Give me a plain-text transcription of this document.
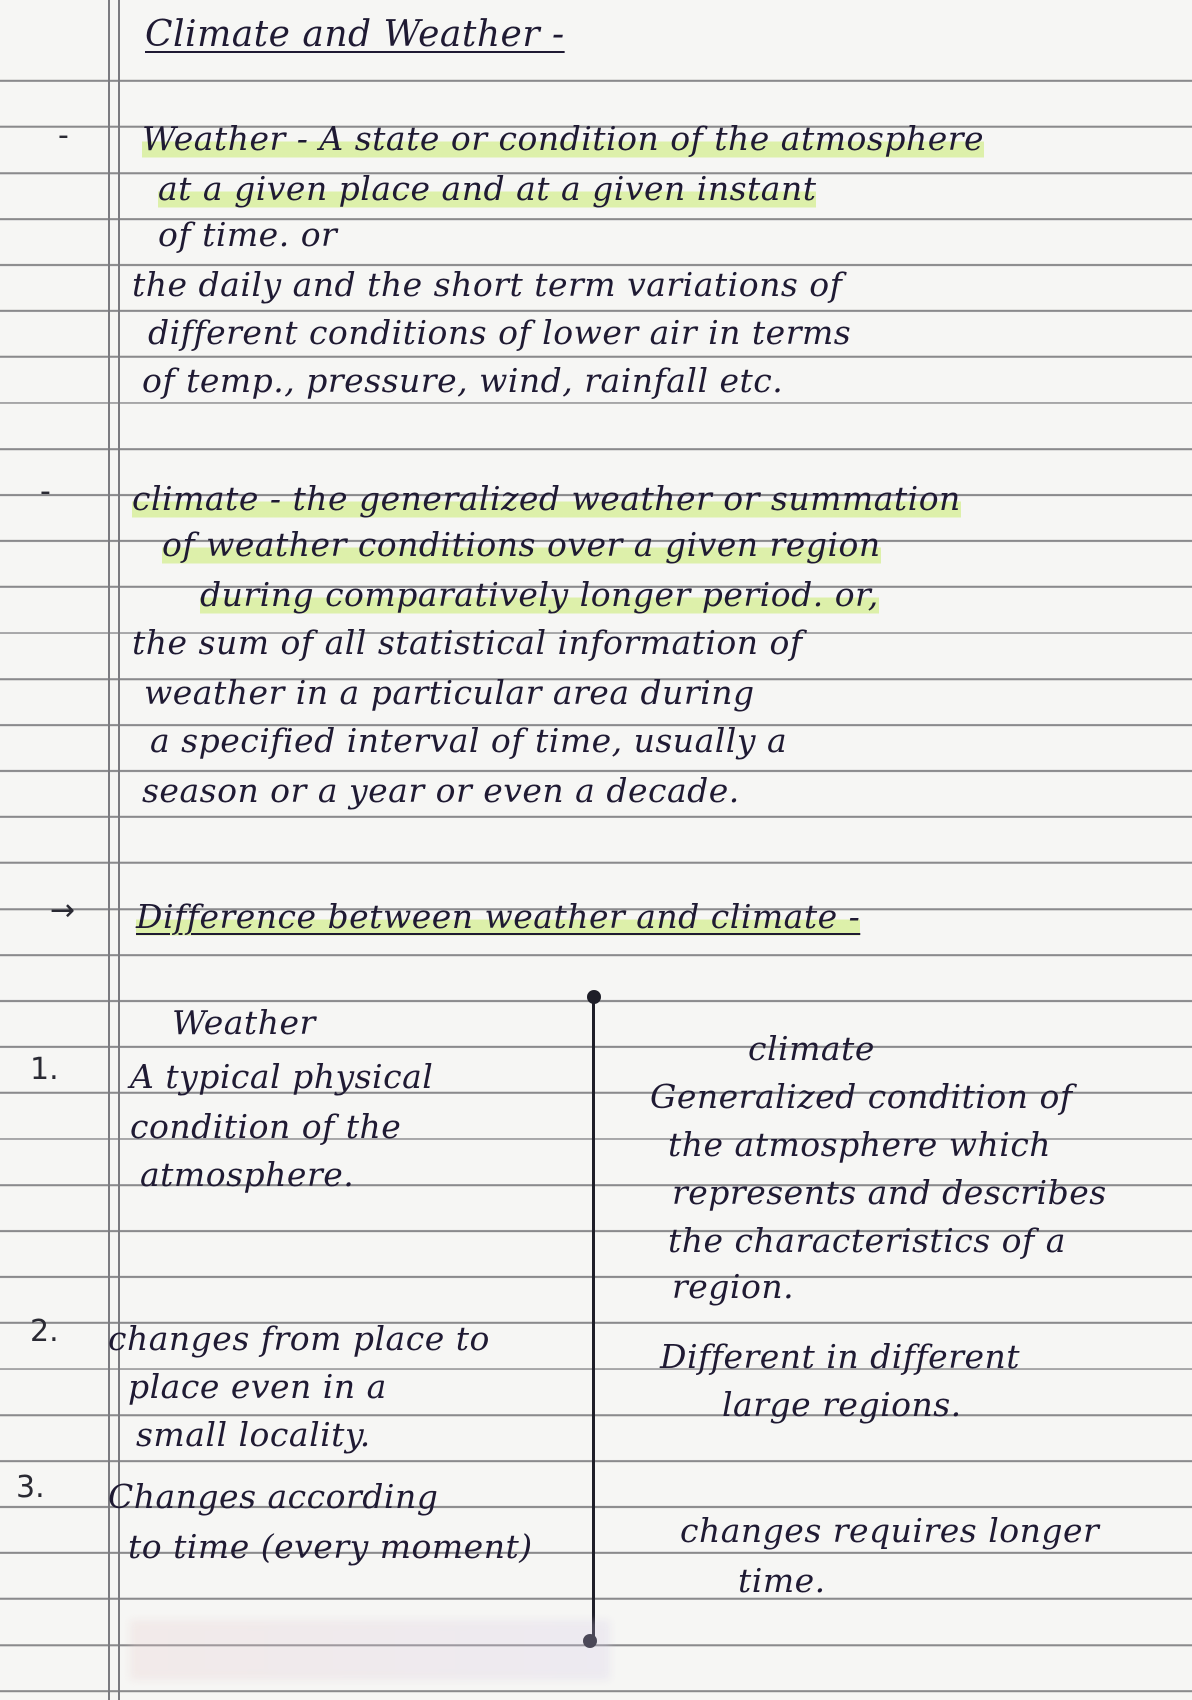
Climate and Weather -
- Weather - A state or condition of the atmosphere
at a given place and at a given instant
of time. or
the daily and the short term variations of
different conditions of lower air in terms
of temp., pressure, wind, rainfall etc.
- climate - the generalized weather or summation
of weather conditions over a given region
during comparatively longer period. or,
the sum of all statistical information of
weather in a particular area during
a specified interval of time, usually a
season or a year or even a decade.
→ Difference between weather and climate -
Weather
climate
1. A typical physical
condition of the
atmosphere.
Generalized condition of
the atmosphere which
represents and describes
the characteristics of a
region.
2. changes from place to
place even in a
small locality.
Different in different
large regions.
3. Changes according
to time (every moment)	changes requires longer
time.
